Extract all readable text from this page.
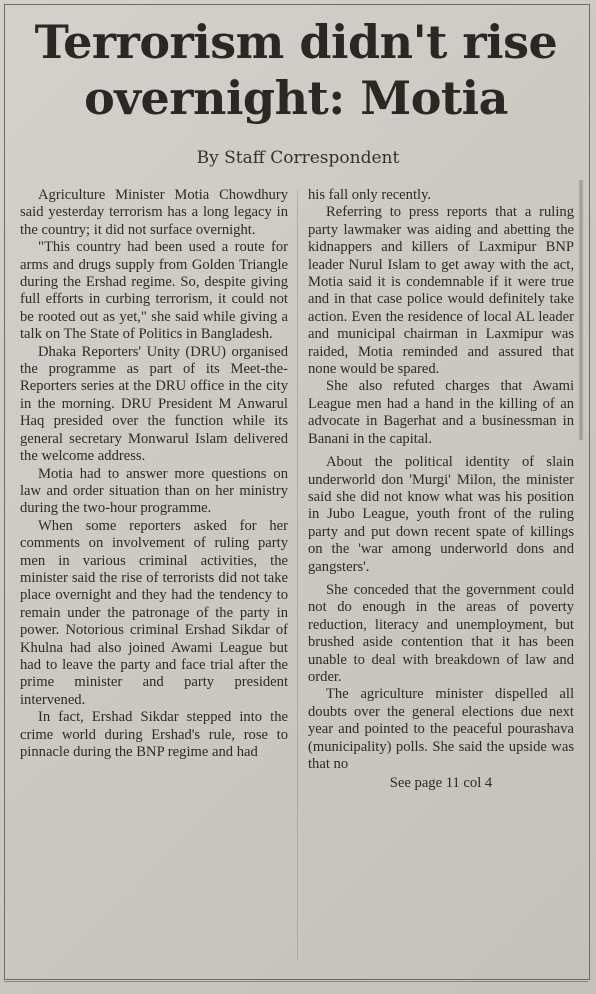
Terrorism didn't rise overnight: Motia
By Staff Correspondent

Agriculture Minister Motia Chowdhury said yesterday terrorism has a long legacy in the country; it did not surface overnight.

"This country had been used a route for arms and drugs supply from Golden Triangle during the Ershad regime. So, despite giving full efforts in curbing terrorism, it could not be rooted out as yet," she said while giving a talk on The State of Politics in Bangladesh.

Dhaka Reporters' Unity (DRU) organised the programme as part of its Meet-the-Reporters series at the DRU office in the city in the morning. DRU President M Anwarul Haq presided over the function while its general secretary Monwarul Islam delivered the welcome address.

Motia had to answer more questions on law and order situation than on her ministry during the two-hour programme.

When some reporters asked for her comments on involvement of ruling party men in various criminal activities, the minister said the rise of terrorists did not take place overnight and they had the tendency to remain under the patronage of the party in power. Notorious criminal Ershad Sikdar of Khulna had also joined Awami League but had to leave the party and face trial after the prime minister and party president intervened.

In fact, Ershad Sikdar stepped into the crime world during Ershad's rule, rose to pinnacle during the BNP regime and had

his fall only recently.

Referring to press reports that a ruling party lawmaker was aiding and abetting the kidnappers and killers of Laxmipur BNP leader Nurul Islam to get away with the act, Motia said it is condemnable if it were true and in that case police would definitely take action. Even the residence of local AL leader and municipal chairman in Laxmipur was raided, Motia reminded and assured that none would be spared.

She also refuted charges that Awami League men had a hand in the killing of an advocate in Bagerhat and a businessman in Banani in the capital.

About the political identity of slain underworld don 'Murgi' Milon, the minister said she did not know what was his position in Jubo League, youth front of the ruling party and put down recent spate of killings on the 'war among underworld dons and gangsters'.

She conceded that the government could not do enough in the areas of poverty reduction, literacy and unemployment, but brushed aside contention that it has been unable to deal with breakdown of law and order.

The agriculture minister dispelled all doubts over the general elections due next year and pointed to the peaceful pourashava (municipality) polls. She said the upside was that no

See page 11 col 4
